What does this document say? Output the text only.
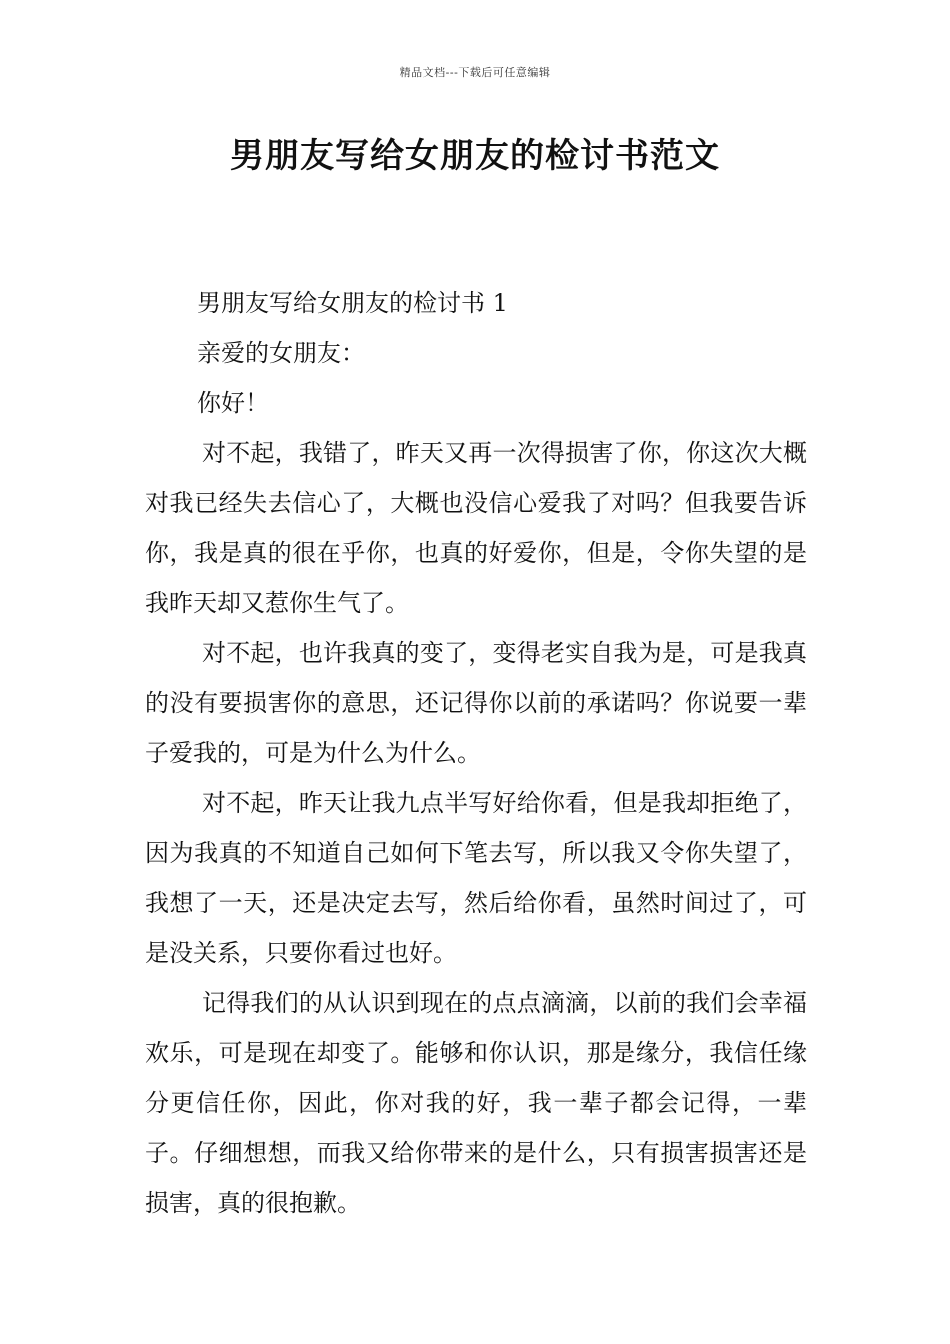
精品文档---下载后可任意编辑
男朋友写给女朋友的检讨书范文

男朋友写给女朋友的检讨书 1

亲爱的女朋友：

你好！

对不起，我错了，昨天又再一次得损害了你，你这次大概对我已经失去信心了，大概也没信心爱我了对吗？但我要告诉你，我是真的很在乎你，也真的好爱你，但是，令你失望的是我昨天却又惹你生气了。

对不起，也许我真的变了，变得老实自我为是，可是我真的没有要损害你的意思，还记得你以前的承诺吗？你说要一辈子爱我的，可是为什么为什么。

对不起，昨天让我九点半写好给你看，但是我却拒绝了，因为我真的不知道自己如何下笔去写，所以我又令你失望了，我想了一天，还是决定去写，然后给你看，虽然时间过了，可是没关系，只要你看过也好。

记得我们的从认识到现在的点点滴滴，以前的我们会幸福欢乐，可是现在却变了。能够和你认识，那是缘分，我信任缘分更信任你，因此，你对我的好，我一辈子都会记得，一辈子。仔细想想，而我又给你带来的是什么，只有损害损害还是损害，真的很抱歉。
